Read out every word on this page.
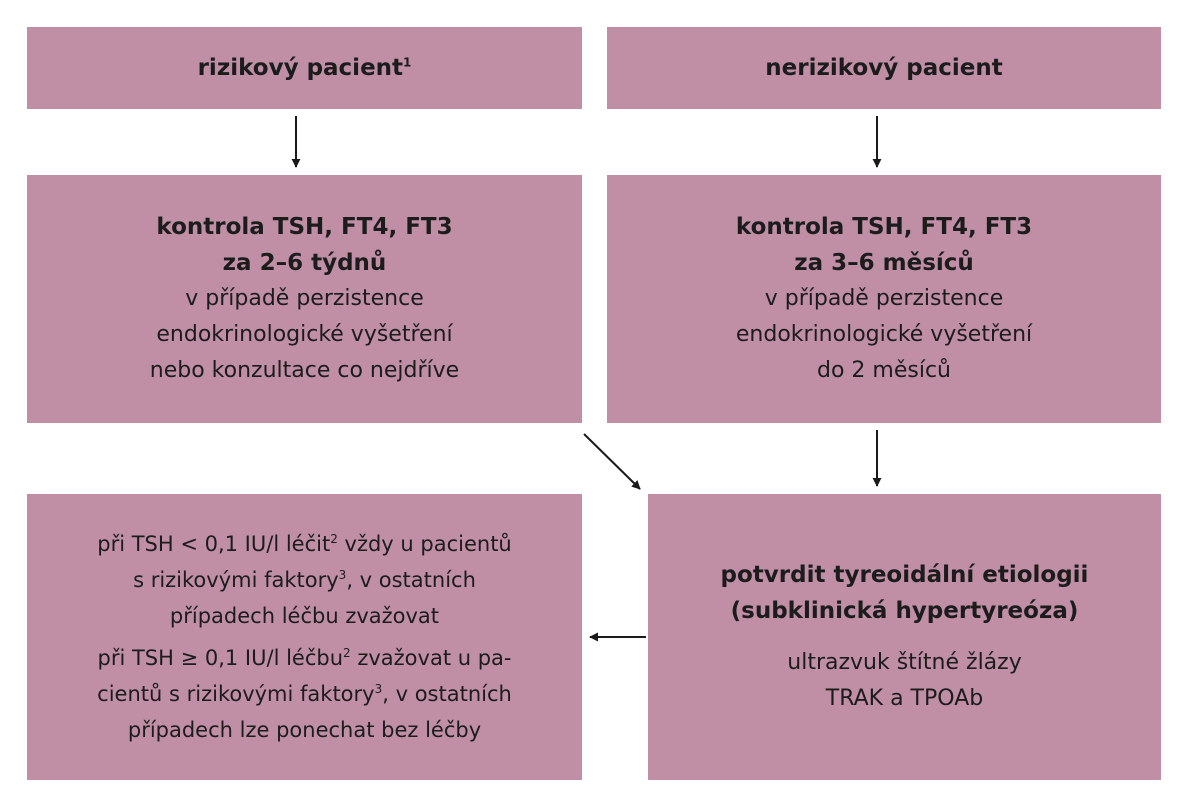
rizikový pacient$^1$	nerizikový pacient
kontrola TSH, FT4, FT3
za 2–6 týdnů
v případě perzistence
endokrinologické vyšetření
nebo konzultace co nejdříve
kontrola TSH, FT4, FT3
za 3–6 měsíců
v případě perzistence
endokrinologické vyšetření
do 2 měsíců
při TSH < 0,1 IU/l léčit$^2$ vždy u pacientů
s rizikovými faktory$^3$, v ostatních
případech léčbu zvažovat
při TSH ≥ 0,1 IU/l léčbu$^2$ zvažovat u pa-
cientů s rizikovými faktory$^3$, v ostatních
případech lze ponechat bez léčby
potvrdit tyreoidální etiologii
(subklinická hypertyreóza)
ultrazvuk štítné žlázy
TRAK a TPOAb
